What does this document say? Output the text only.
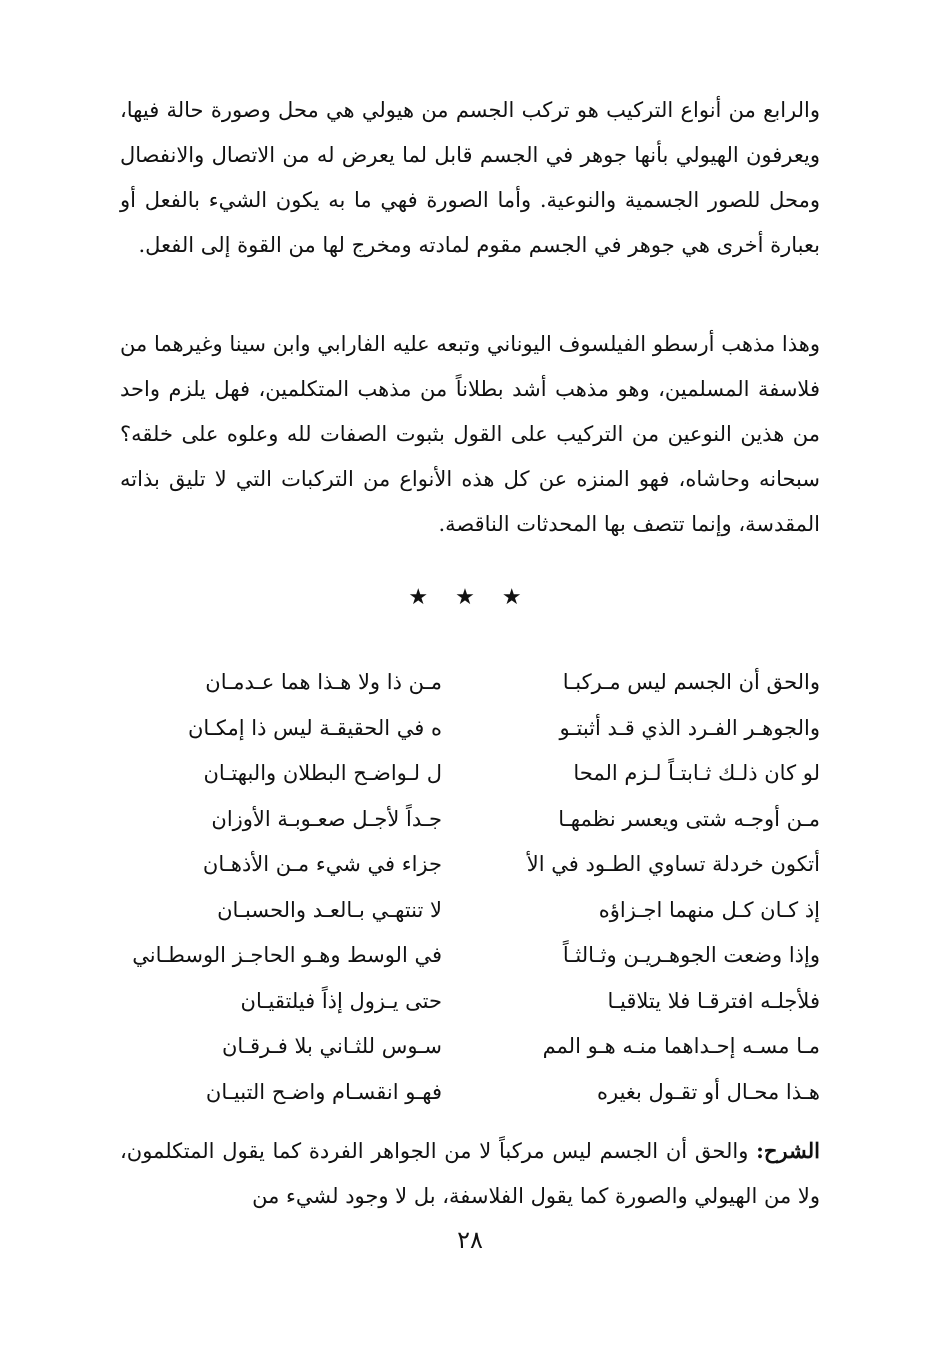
والرابع من أنواع التركيب هو تركب الجسم من هيولي هي محل وصورة حالة فيها، ويعرفون الهيولي بأنها جوهر في الجسم قابل لما يعرض له من الاتصال والانفصال ومحل للصور الجسمية والنوعية. وأما الصورة فهي ما به يكون الشيء بالفعل أو بعبارة أخرى هي جوهر في الجسم مقوم لمادته ومخرج لها من القوة إلى الفعل.

وهذا مذهب أرسطو الفيلسوف اليوناني وتبعه عليه الفارابي وابن سينا وغيرهما من فلاسفة المسلمين، وهو مذهب أشد بطلاناً من مذهب المتكلمين، فهل يلزم واحد من هذين النوعين من التركيب على القول بثبوت الصفات لله وعلوه على خلقه؟ سبحانه وحاشاه، فهو المنزه عن كل هذه الأنواع من التركبات التي لا تليق بذاته المقدسة، وإنما تتصف بها المحدثات الناقصة.

★ ★ ★
والحق أن الجسم ليس مـركبـا
مـن ذا ولا هـذا هما عـدمـان
والجوهـر الفـرد الذي قـد أثبتـو
ه في الحقيقـة ليس ذا إمكـان
لو كان ذلـك ثـابتـاً لـزم المحا
ل لـواضـح البطلان والبهتـان
مـن أوجـه شتى ويعسر نظمهـا
جـداً لأجـل صعـوبـة الأوزان
أتكون خردلة تساوي الطـود في الأ
جزاء في شيء مـن الأذهـان
إذ كـان كـل منهما اجـزاؤه
لا تنتهـي بـالعـد والحسبـان
وإذا وضعت الجوهـريـن وثـالثـاً
في الوسط وهـو الحاجـز الوسطـاني
فلأجلـه افترقـا فلا يتلاقيـا
حتى يـزول إذاً فيلتقيـان
مـا مسـه إحـداهما منـه هـو المم
سـوس للثـاني بلا فـرقـان
هـذا محـال أو تقـول بغيره
فهـو انقسـام واضـح التبيـان

الشرح: والحق أن الجسم ليس مركباً لا من الجواهر الفردة كما يقول المتكلمون، ولا من الهيولي والصورة كما يقول الفلاسفة، بل لا وجود لشيء من

٢٨
